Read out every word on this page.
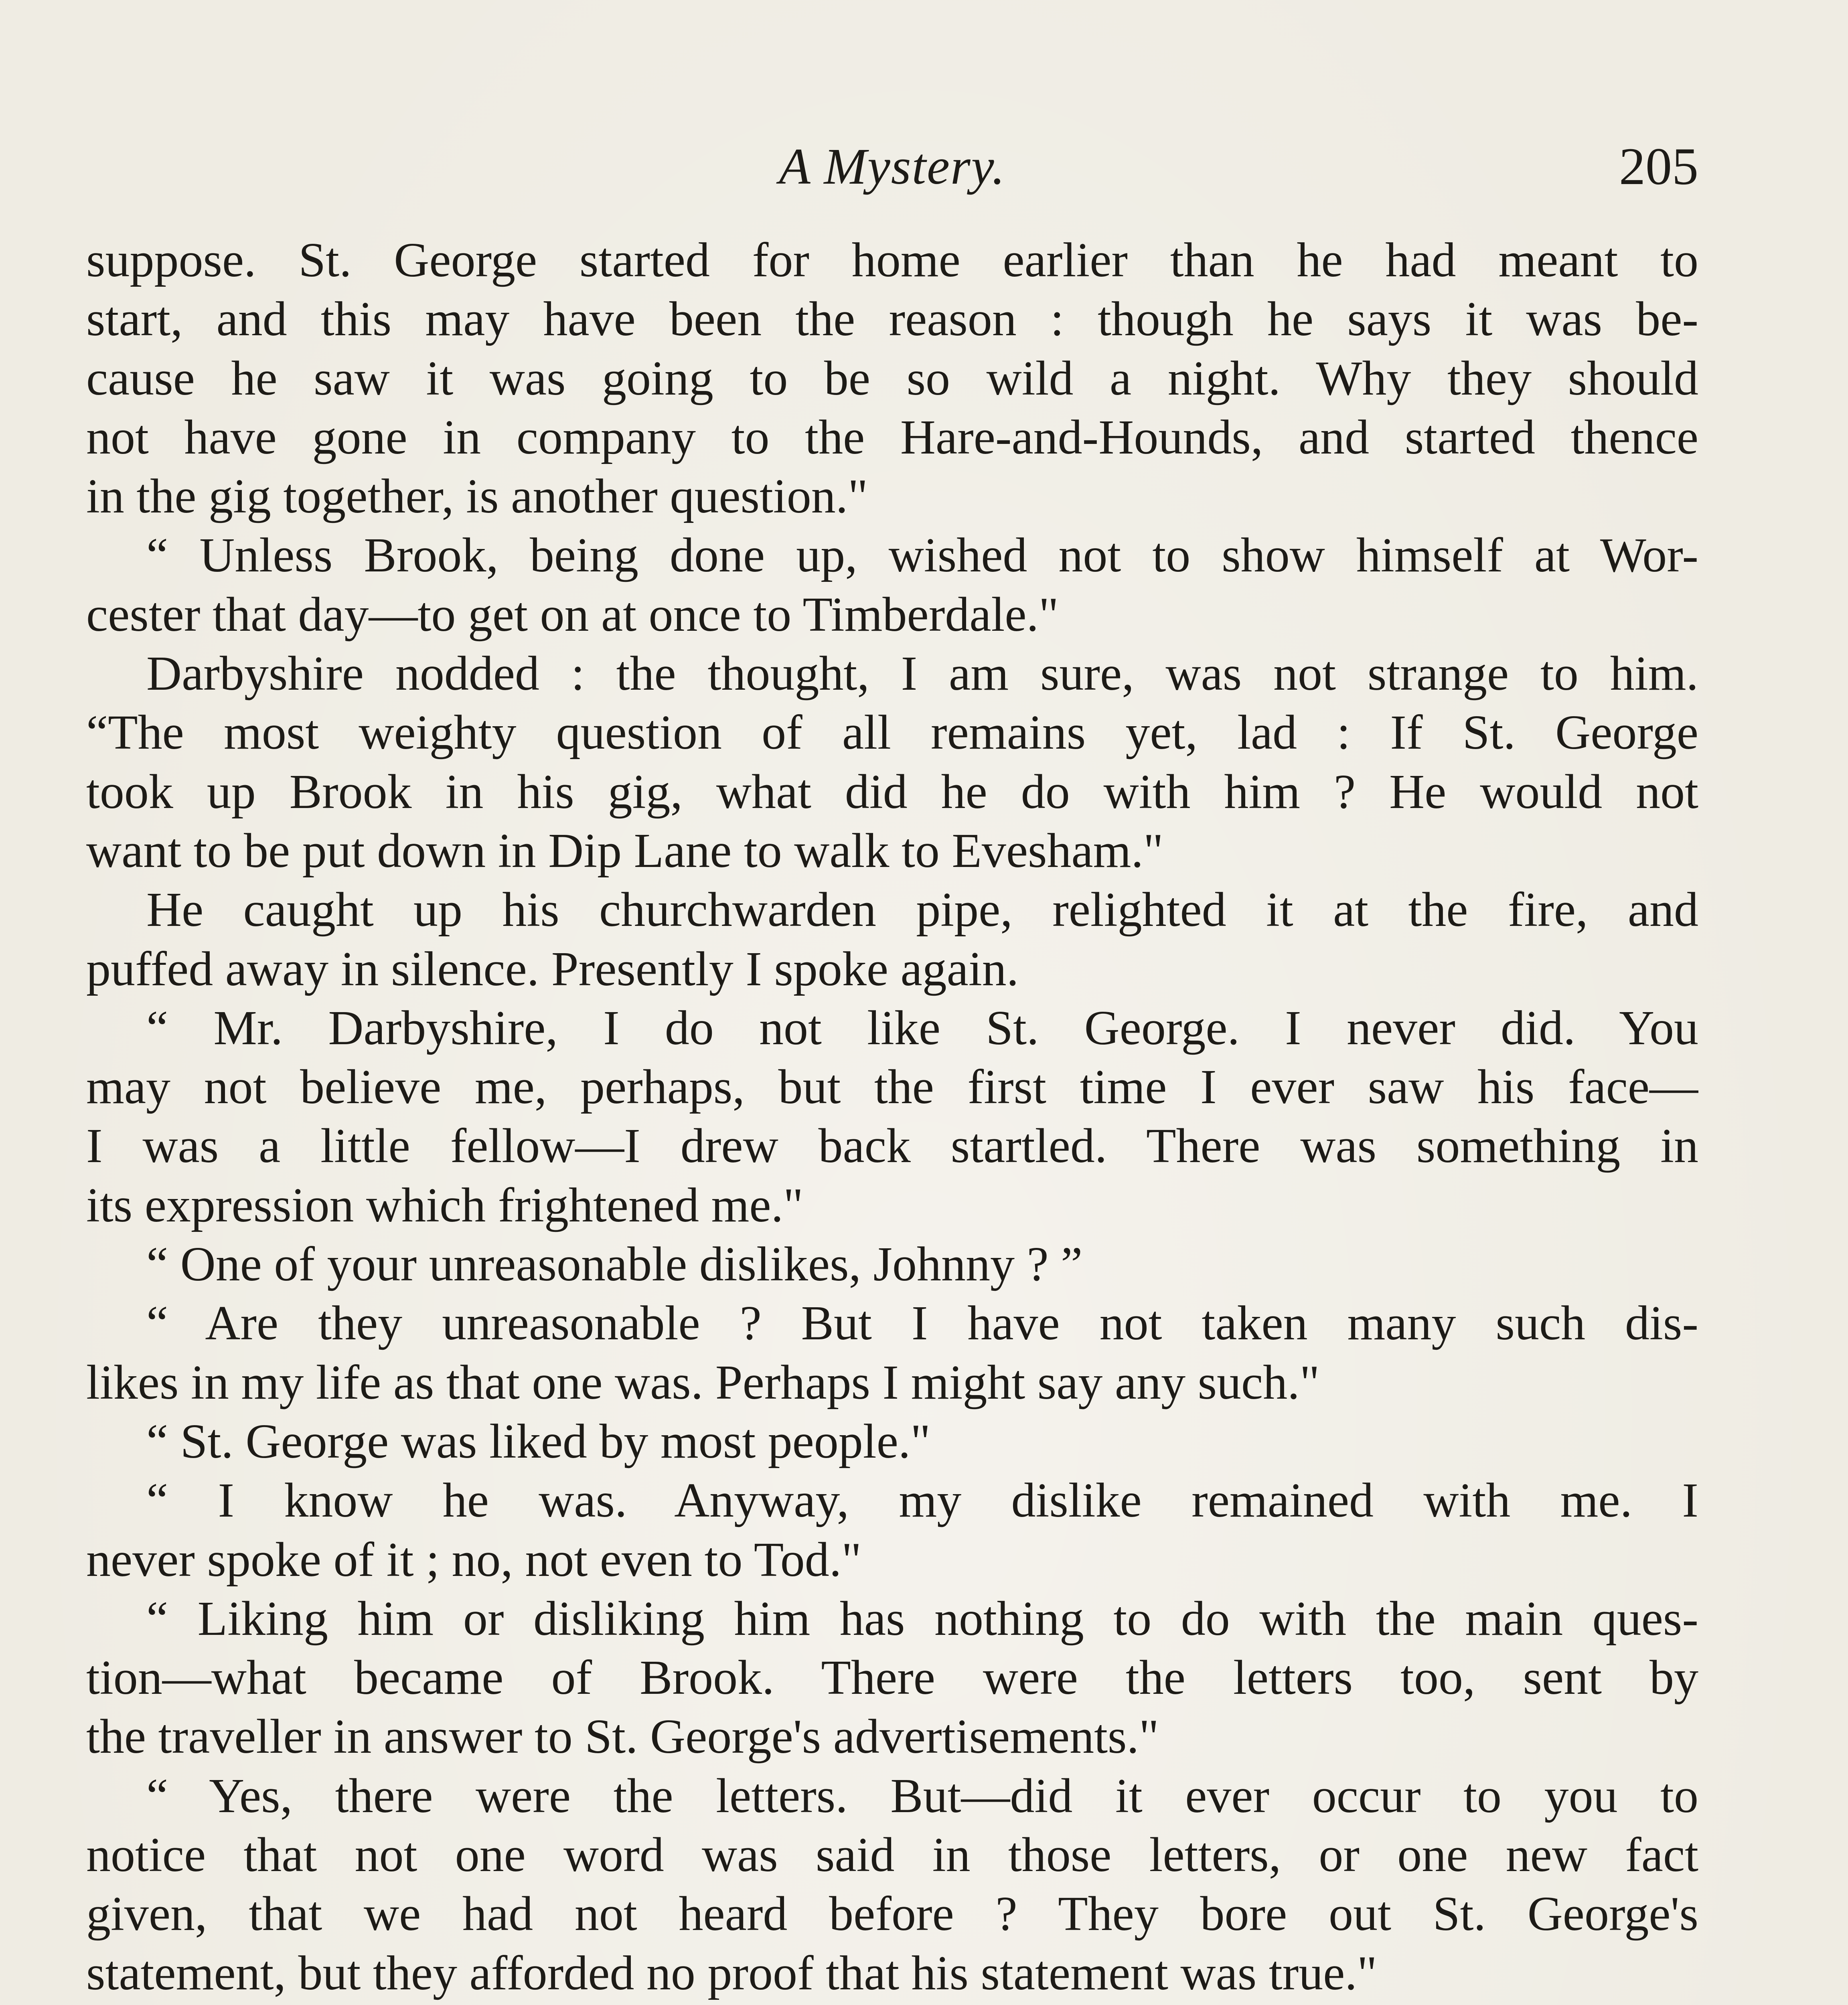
A Mystery.	205
suppose. St. George started for home earlier than he had meant to
start, and this may have been the reason : though he says it was be-
cause he saw it was going to be so wild a night. Why they should
not have gone in company to the Hare-and-Hounds, and started thence
in the gig together, is another question."
“ Unless Brook, being done up, wished not to show himself at Wor-
cester that day—to get on at once to Timberdale."
Darbyshire nodded : the thought, I am sure, was not strange to him.
“The most weighty question of all remains yet, lad : If St. George
took up Brook in his gig, what did he do with him ? He would not
want to be put down in Dip Lane to walk to Evesham."
He caught up his churchwarden pipe, relighted it at the fire, and
puffed away in silence. Presently I spoke again.
“ Mr. Darbyshire, I do not like St. George. I never did. You
may not believe me, perhaps, but the first time I ever saw his face—
I was a little fellow—I drew back startled. There was something in
its expression which frightened me."
“ One of your unreasonable dislikes, Johnny ? ”
“ Are they unreasonable ? But I have not taken many such dis-
likes in my life as that one was. Perhaps I might say any such."
“ St. George was liked by most people."
“ I know he was. Anyway, my dislike remained with me. I
never spoke of it ; no, not even to Tod."
“ Liking him or disliking him has nothing to do with the main ques-
tion—what became of Brook. There were the letters too, sent by
the traveller in answer to St. George's advertisements."
“ Yes, there were the letters. But—did it ever occur to you to
notice that not one word was said in those letters, or one new fact
given, that we had not heard before ? They bore out St. George's
statement, but they afforded no proof that his statement was true."
